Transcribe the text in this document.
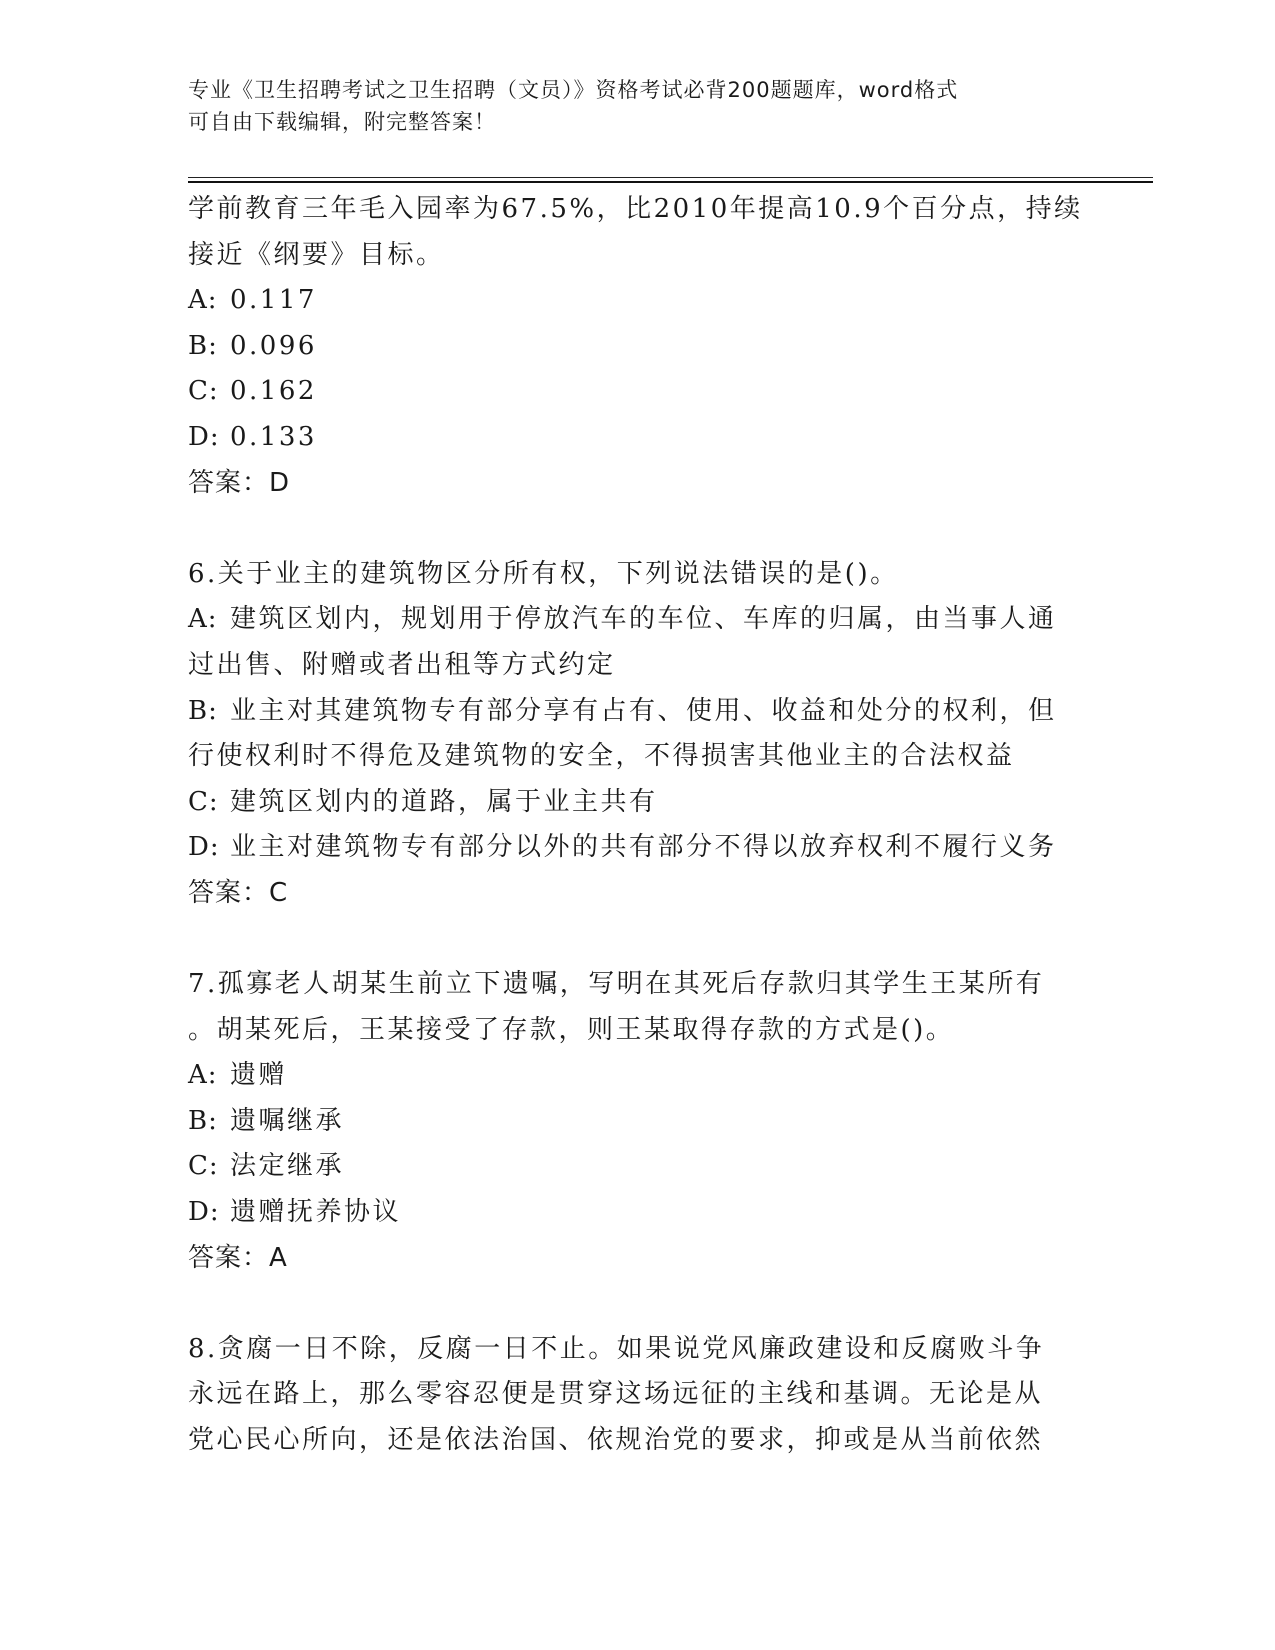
专业《卫生招聘考试之卫生招聘（文员）》资格考试必背200题题库，word格式
可自由下载编辑，附完整答案！

学前教育三年毛入园率为67.5%，比2010年提高10.9个百分点，持续

接近《纲要》目标。

A: 0.117

B: 0.096

C: 0.162

D: 0.133

答案：D

6.关于业主的建筑物区分所有权，下列说法错误的是()。

A: 建筑区划内，规划用于停放汽车的车位、车库的归属，由当事人通

过出售、附赠或者出租等方式约定

B: 业主对其建筑物专有部分享有占有、使用、收益和处分的权利，但

行使权利时不得危及建筑物的安全，不得损害其他业主的合法权益

C: 建筑区划内的道路，属于业主共有

D: 业主对建筑物专有部分以外的共有部分不得以放弃权利不履行义务

答案：C

7.孤寡老人胡某生前立下遗嘱，写明在其死后存款归其学生王某所有

。胡某死后，王某接受了存款，则王某取得存款的方式是()。

A: 遗赠

B: 遗嘱继承

C: 法定继承

D: 遗赠抚养协议

答案：A

8.贪腐一日不除，反腐一日不止。如果说党风廉政建设和反腐败斗争

永远在路上，那么零容忍便是贯穿这场远征的主线和基调。无论是从

党心民心所向，还是依法治国、依规治党的要求，抑或是从当前依然
